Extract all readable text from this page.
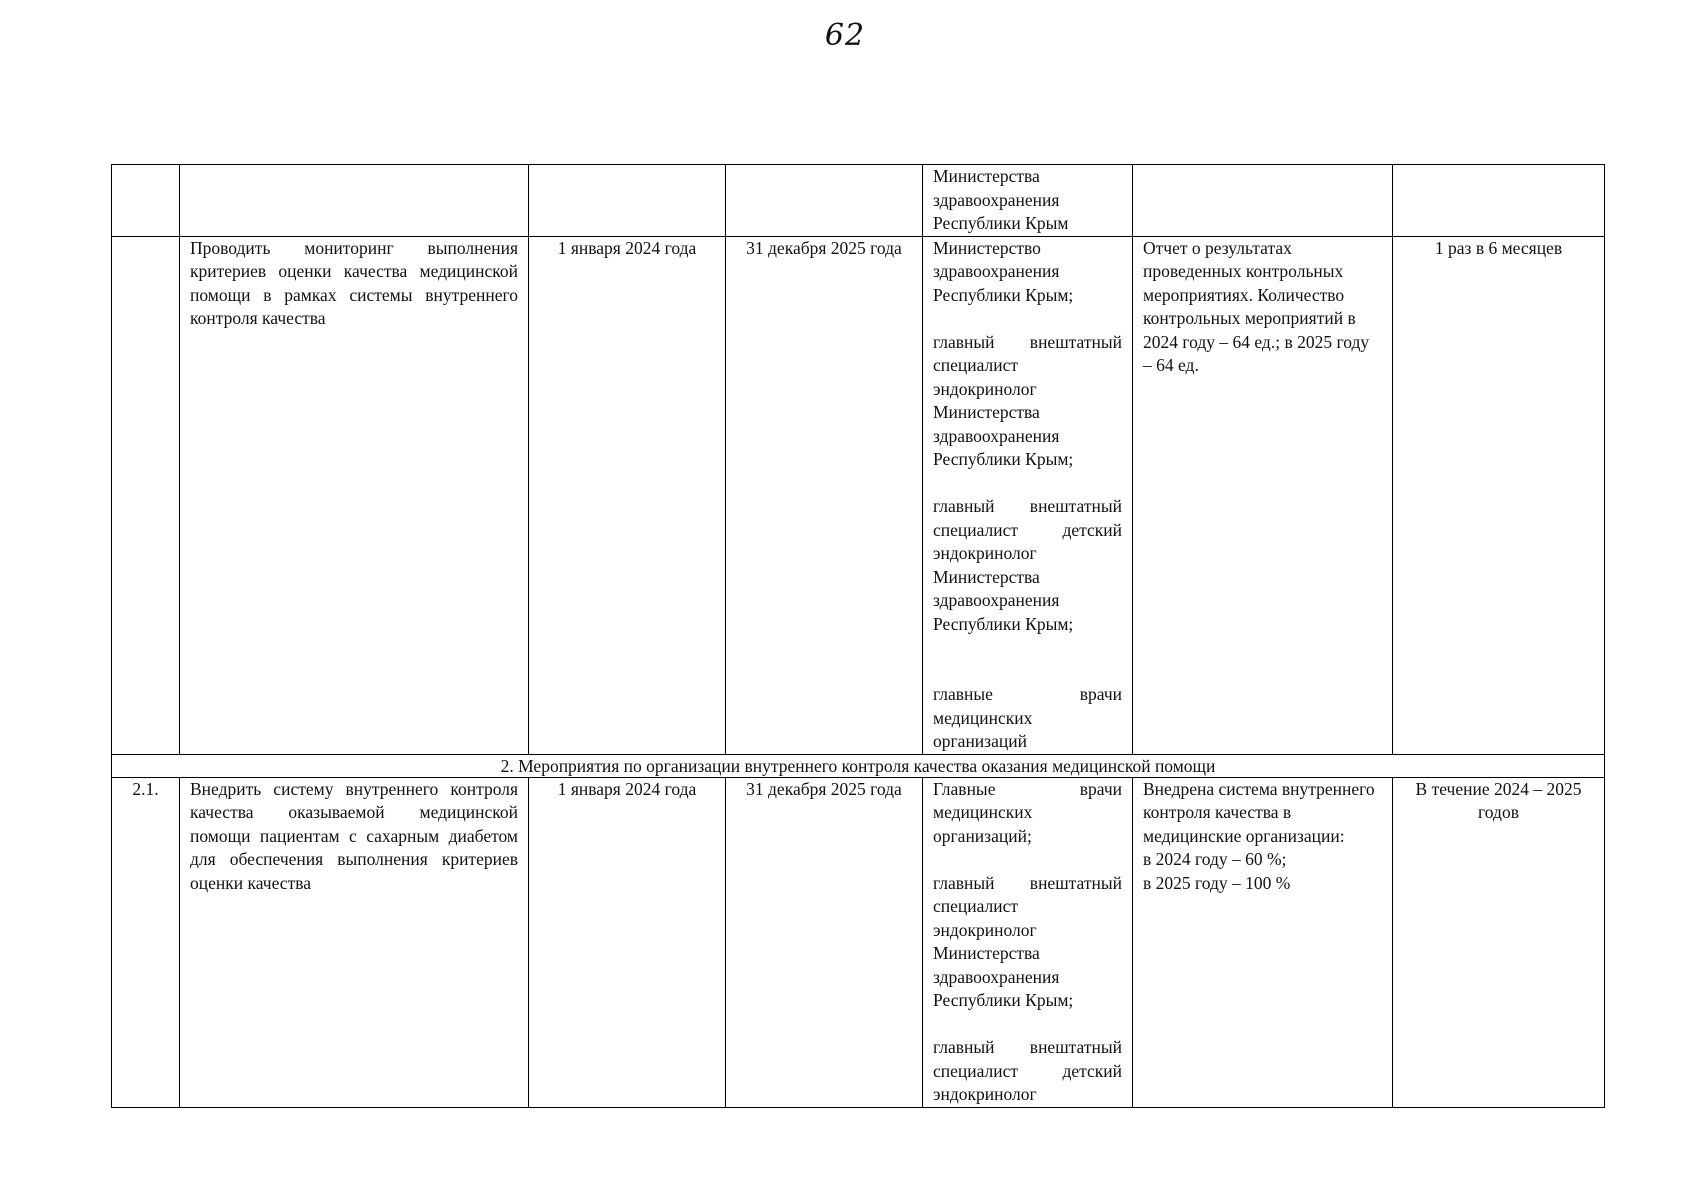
62

				Министерства
здравоохранения
Республики Крым		

	Проводить мониторинг выполнения критериев оценки качества медицинской помощи в рамках системы внутреннего контроля качества	1 января 2024 года	31 декабря 2025 года	Министерство здравоохранения Республики Крым;
главный внештатный специалист эндокринолог Министерства здравоохранения Республики Крым;
главный внештатный специалист детский эндокринолог Министерства здравоохранения Республики Крым;
главные врачи медицинских организаций	Отчет о результатах проведенных контрольных мероприятиях. Количество контрольных мероприятий в 2024 году – 64 ед.; в 2025 году – 64 ед.	1 раз в 6 месяцев
2. Мероприятия по организации внутреннего контроля качества оказания медицинской помощи						
2.1.	Внедрить систему внутреннего контроля качества оказываемой медицинской помощи пациентам с сахарным диабетом для обеспечения выполнения критериев оценки качества	1 января 2024 года	31 декабря 2025 года	Главные врачи медицинских организаций;
главный внештатный специалист эндокринолог Министерства здравоохранения Республики Крым;
главный внештатный специалист детский эндокринолог	Внедрена система внутреннего контроля качества в медицинские организации:
в 2024 году – 60 %;
в 2025 году – 100 %	В течение 2024 – 2025 годов
